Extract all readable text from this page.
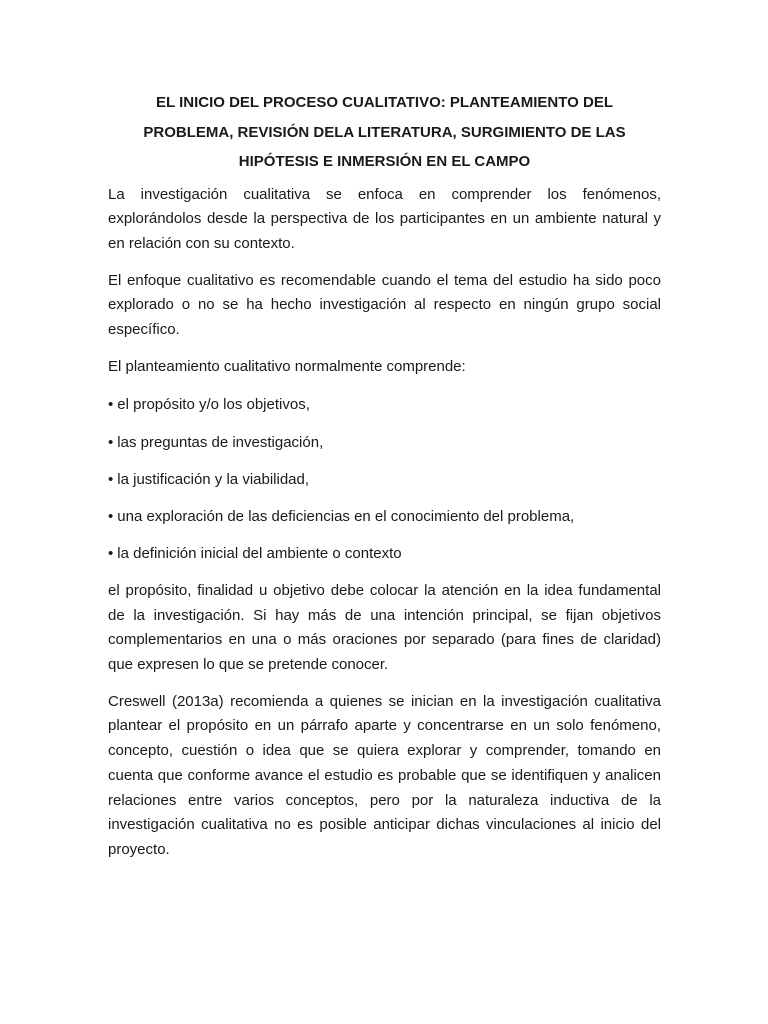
EL INICIO DEL PROCESO CUALITATIVO: PLANTEAMIENTO DEL
PROBLEMA, REVISIÓN DELA LITERATURA, SURGIMIENTO DE LAS
HIPÓTESIS E INMERSIÓN EN EL CAMPO

La investigación cualitativa se enfoca en comprender los fenómenos, explorándolos desde la perspectiva de los participantes en un ambiente natural y en relación con su contexto.

El enfoque cualitativo es recomendable cuando el tema del estudio ha sido poco explorado o no se ha hecho investigación al respecto en ningún grupo social específico.

El planteamiento cualitativo normalmente comprende:

• el propósito y/o los objetivos,
• las preguntas de investigación,
• la justificación y la viabilidad,
• una exploración de las deficiencias en el conocimiento del problema,
• la definición inicial del ambiente o contexto

el propósito, finalidad u objetivo debe colocar la atención en la idea fundamental de la investigación. Si hay más de una intención principal, se fijan objetivos complementarios en una o más oraciones por separado (para fines de claridad) que expresen lo que se pretende conocer.

Creswell (2013a) recomienda a quienes se inician en la investigación cualitativa plantear el propósito en un párrafo aparte y concentrarse en un solo fenómeno, concepto, cuestión o idea que se quiera explorar y comprender, tomando en cuenta que conforme avance el estudio es probable que se identifiquen y analicen relaciones entre varios conceptos, pero por la naturaleza inductiva de la investigación cualitativa no es posible anticipar dichas vinculaciones al inicio del proyecto.
